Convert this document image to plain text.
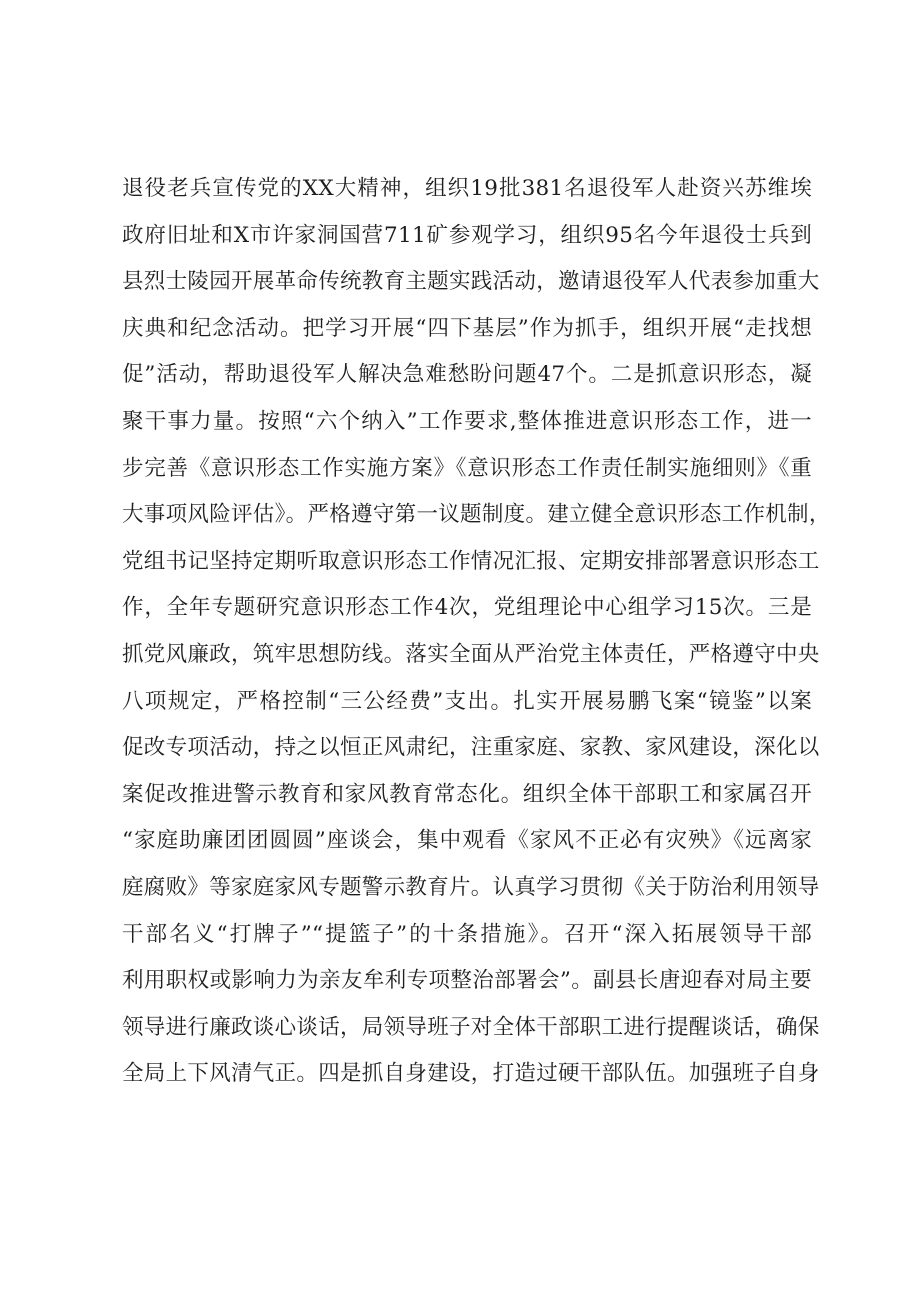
退役老兵宣传党的XX大精神，组织19批381名退役军人赴资兴苏维埃
政府旧址和X市许家洞国营711矿参观学习，组织95名今年退役士兵到
县烈士陵园开展革命传统教育主题实践活动，邀请退役军人代表参加重大
庆典和纪念活动。把学习开展“四下基层”作为抓手，组织开展“走找想
促”活动，帮助退役军人解决急难愁盼问题47个。二是抓意识形态，凝
聚干事力量。按照“六个纳入”工作要求,整体推进意识形态工作，进一
步完善《意识形态工作实施方案》《意识形态工作责任制实施细则》《重
大事项风险评估》。严格遵守第一议题制度。建立健全意识形态工作机制，
党组书记坚持定期听取意识形态工作情况汇报、定期安排部署意识形态工
作，全年专题研究意识形态工作4次，党组理论中心组学习15次。三是
抓党风廉政，筑牢思想防线。落实全面从严治党主体责任，严格遵守中央
八项规定，严格控制“三公经费”支出。扎实开展易鹏飞案“镜鉴”以案
促改专项活动，持之以恒正风肃纪，注重家庭、家教、家风建设，深化以
案促改推进警示教育和家风教育常态化。组织全体干部职工和家属召开
“家庭助廉团团圆圆”座谈会，集中观看《家风不正必有灾殃》《远离家
庭腐败》等家庭家风专题警示教育片。认真学习贯彻《关于防治利用领导
干部名义“打牌子”“提篮子”的十条措施》。召开“深入拓展领导干部
利用职权或影响力为亲友牟利专项整治部署会”。副县长唐迎春对局主要
领导进行廉政谈心谈话，局领导班子对全体干部职工进行提醒谈话，确保
全局上下风清气正。四是抓自身建设，打造过硬干部队伍。加强班子自身
